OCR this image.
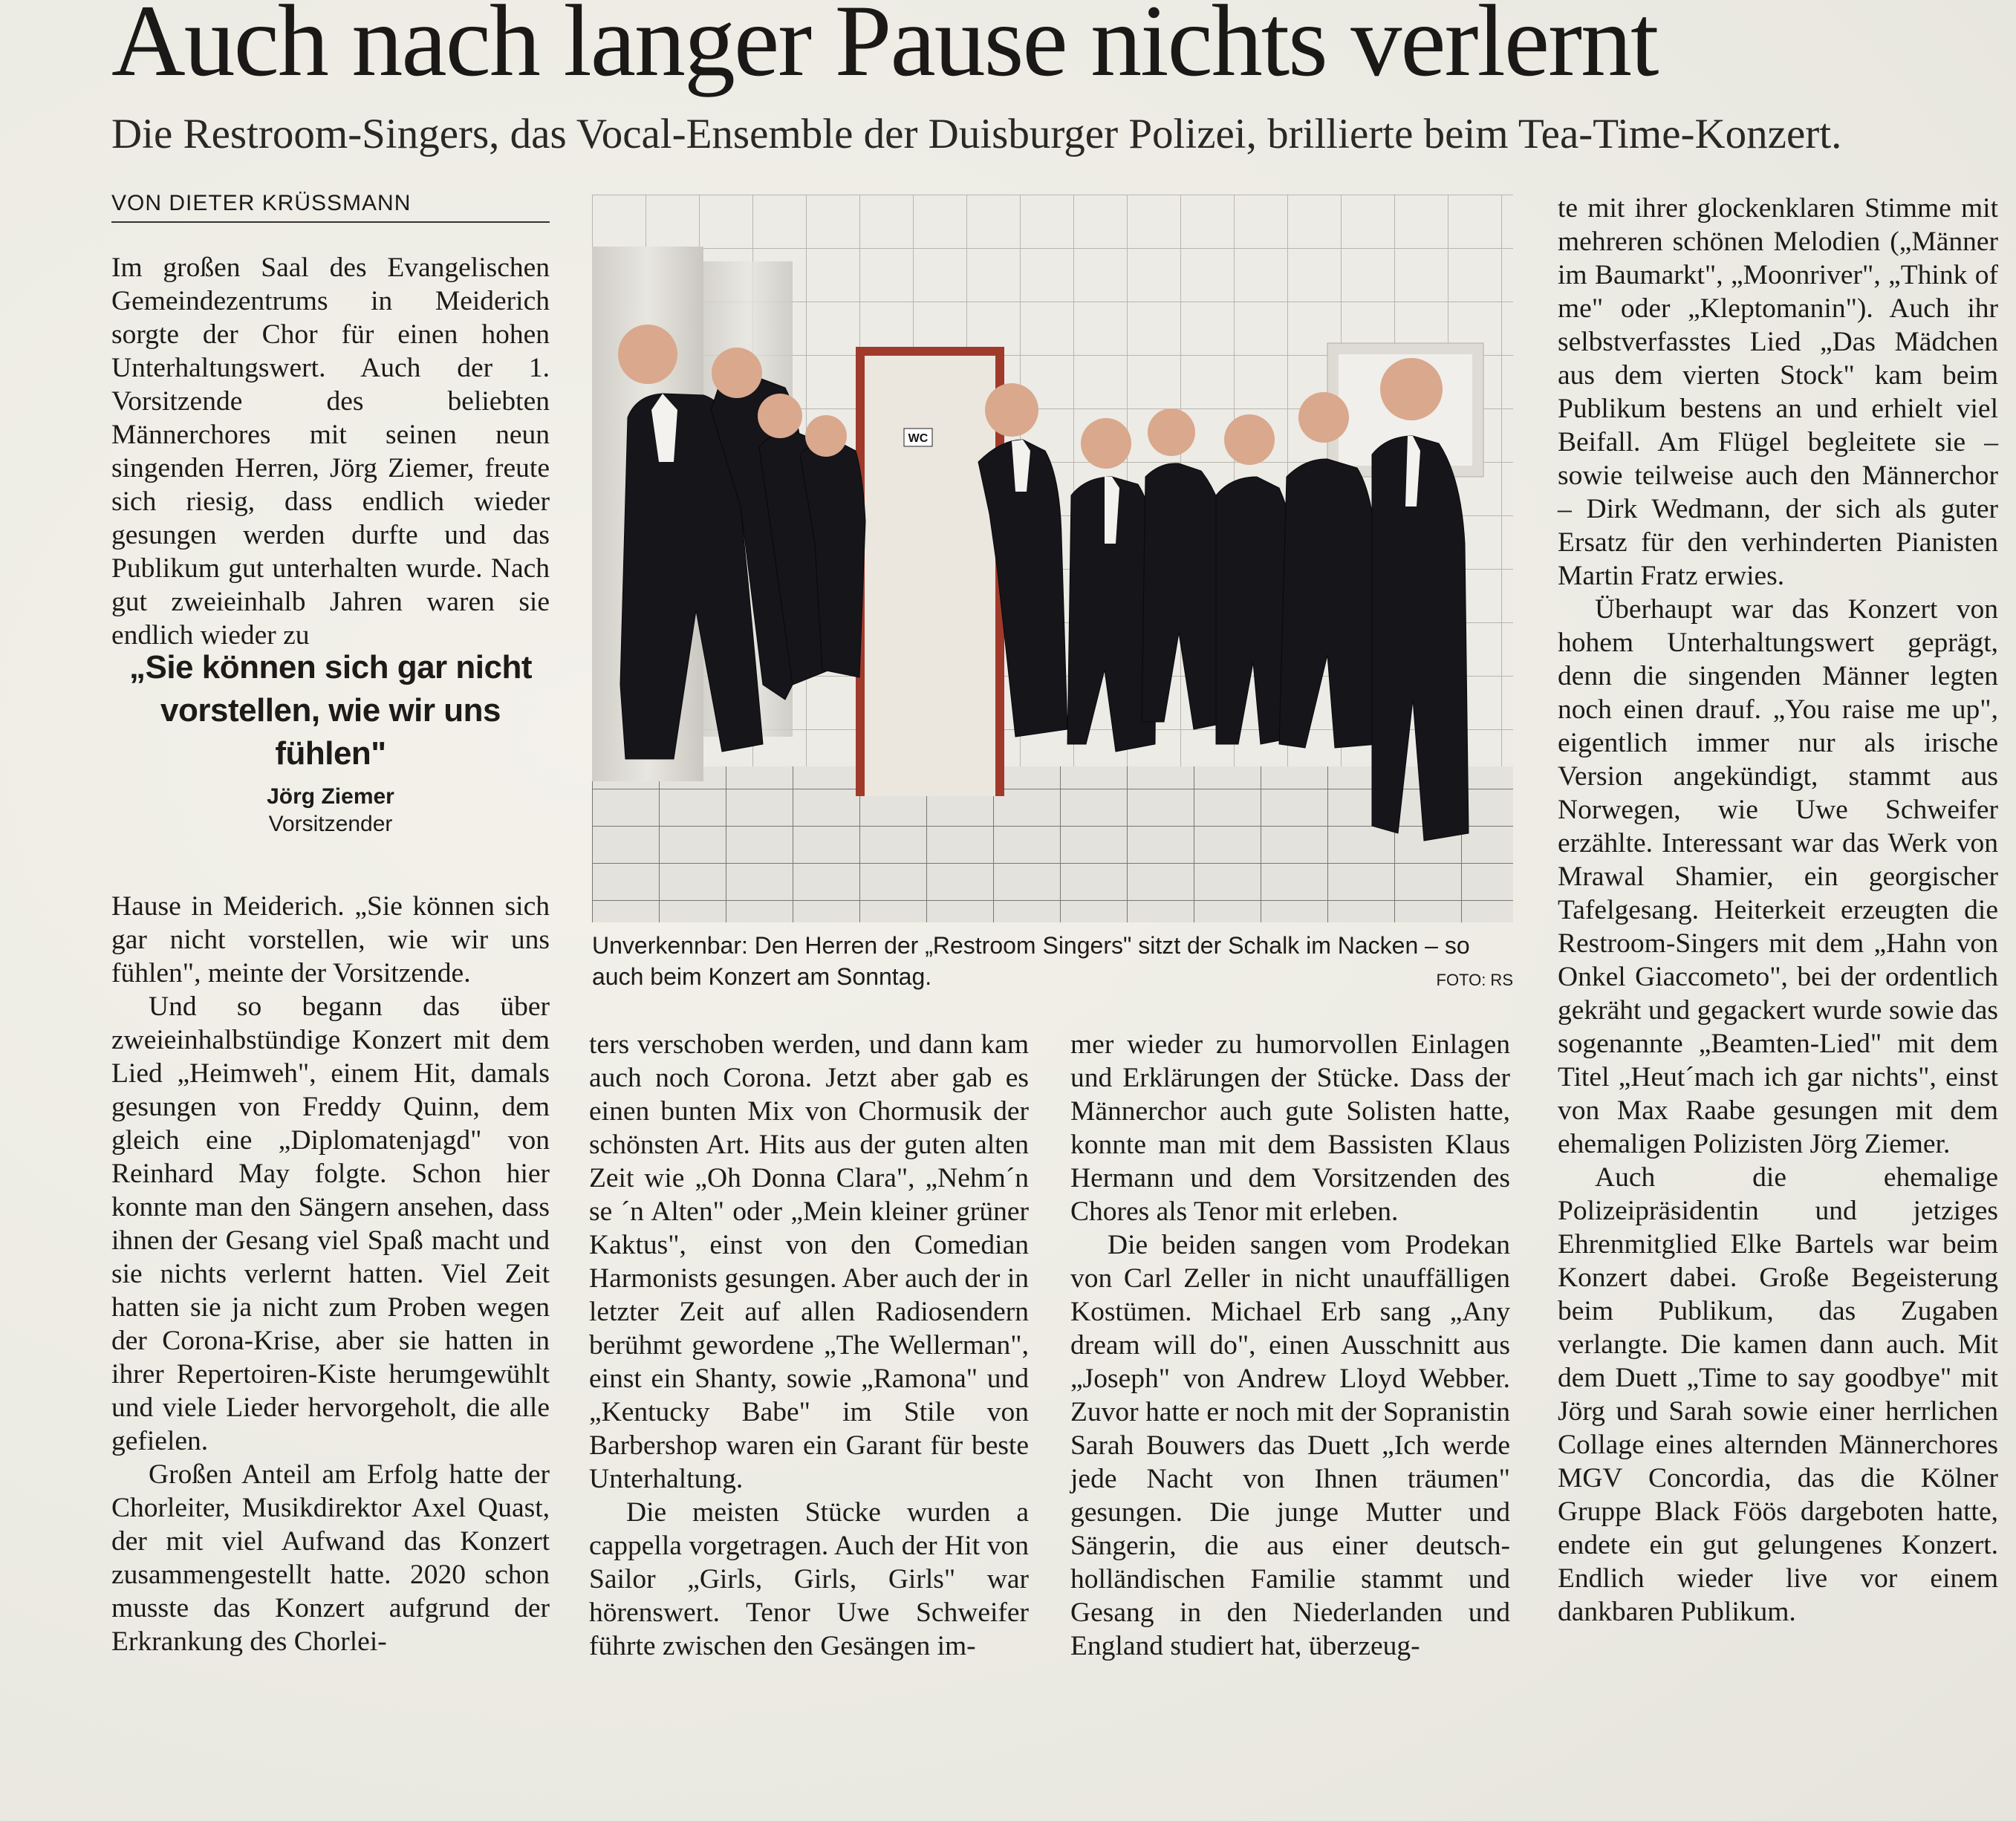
Auch nach langer Pause nichts verlernt
Die Restroom-Singers, das Vocal-Ensemble der Duisburger Polizei, brillierte beim Tea-Time-Konzert.
VON DIETER KRÜSSMANN

Im großen Saal des Evangelischen Gemeindezentrums in Meiderich sorgte der Chor für einen hohen Unterhaltungswert. Auch der 1. Vorsitzende des beliebten Männerchores mit seinen neun singenden Herren, Jörg Ziemer, freute sich riesig, dass endlich wieder gesungen werden durfte und das Publikum gut unterhalten wurde. Nach gut zweieinhalb Jahren waren sie endlich wieder zu

„Sie können sich gar nicht vorstellen, wie wir uns fühlen"
Jörg Ziemer
Vorsitzender

Hause in Meiderich. „Sie können sich gar nicht vorstellen, wie wir uns fühlen", meinte der Vorsitzende.

Und so begann das über zweieinhalbstündige Konzert mit dem Lied „Heimweh", einem Hit, damals gesungen von Freddy Quinn, dem gleich eine „Diplomatenjagd" von Reinhard May folgte. Schon hier konnte man den Sängern ansehen, dass ihnen der Gesang viel Spaß macht und sie nichts verlernt hatten. Viel Zeit hatten sie ja nicht zum Proben wegen der Corona-Krise, aber sie hatten in ihrer Repertoiren-Kiste herumgewühlt und viele Lieder hervorgeholt, die alle gefielen.

Großen Anteil am Erfolg hatte der Chorleiter, Musikdirektor Axel Quast, der mit viel Aufwand das Konzert zusammengestellt hatte. 2020 schon musste das Konzert aufgrund der Erkrankung des Chorlei-

WC
Unverkennbar: Den Herren der „Restroom Singers" sitzt der Schalk im Nacken – so auch beim Konzert am Sonntag.	FOTO: RS

ters verschoben werden, und dann kam auch noch Corona. Jetzt aber gab es einen bunten Mix von Chormusik der schönsten Art. Hits aus der guten alten Zeit wie „Oh Donna Clara", „Nehm´n se ´n Alten" oder „Mein kleiner grüner Kaktus", einst von den Comedian Harmonists gesungen. Aber auch der in letzter Zeit auf allen Radiosendern berühmt gewordene „The Wellerman", einst ein Shanty, sowie „Ramona" und „Kentucky Babe" im Stile von Barbershop waren ein Garant für beste Unterhaltung.

Die meisten Stücke wurden a cappella vorgetragen. Auch der Hit von Sailor „Girls, Girls, Girls" war hörenswert. Tenor Uwe Schweifer führte zwischen den Gesängen im-

mer wieder zu humorvollen Einlagen und Erklärungen der Stücke. Dass der Männerchor auch gute Solisten hatte, konnte man mit dem Bassisten Klaus Hermann und dem Vorsitzenden des Chores als Tenor mit erleben.

Die beiden sangen vom Prodekan von Carl Zeller in nicht unauffälligen Kostümen. Michael Erb sang „Any dream will do", einen Ausschnitt aus „Joseph" von Andrew Lloyd Webber. Zuvor hatte er noch mit der Sopranistin Sarah Bouwers das Duett „Ich werde jede Nacht von Ihnen träumen" gesungen. Die junge Mutter und Sängerin, die aus einer deutsch-holländischen Familie stammt und Gesang in den Niederlanden und England studiert hat, überzeug-

te mit ihrer glockenklaren Stimme mit mehreren schönen Melodien („Männer im Baumarkt", „Moonriver", „Think of me" oder „Kleptomanin"). Auch ihr selbstverfasstes Lied „Das Mädchen aus dem vierten Stock" kam beim Publikum bestens an und erhielt viel Beifall. Am Flügel begleitete sie – sowie teilweise auch den Männerchor – Dirk Wedmann, der sich als guter Ersatz für den verhinderten Pianisten Martin Fratz erwies.

Überhaupt war das Konzert von hohem Unterhaltungswert geprägt, denn die singenden Männer legten noch einen drauf. „You raise me up", eigentlich immer nur als irische Version angekündigt, stammt aus Norwegen, wie Uwe Schweifer erzählte. Interessant war das Werk von Mrawal Shamier, ein georgischer Tafelgesang. Heiterkeit erzeugten die Restroom-Singers mit dem „Hahn von Onkel Giaccometo", bei der ordentlich gekräht und gegackert wurde sowie das sogenannte „Beamten-Lied" mit dem Titel „Heut´mach ich gar nichts", einst von Max Raabe gesungen mit dem ehemaligen Polizisten Jörg Ziemer.

Auch die ehemalige Polizeipräsidentin und jetziges Ehrenmitglied Elke Bartels war beim Konzert dabei. Große Begeisterung beim Publikum, das Zugaben verlangte. Die kamen dann auch. Mit dem Duett „Time to say goodbye" mit Jörg und Sarah sowie einer herrlichen Collage eines alternden Männerchores MGV Concordia, das die Kölner Gruppe Black Föös dargeboten hatte, endete ein gut gelungenes Konzert. Endlich wieder live vor einem dankbaren Publikum.
